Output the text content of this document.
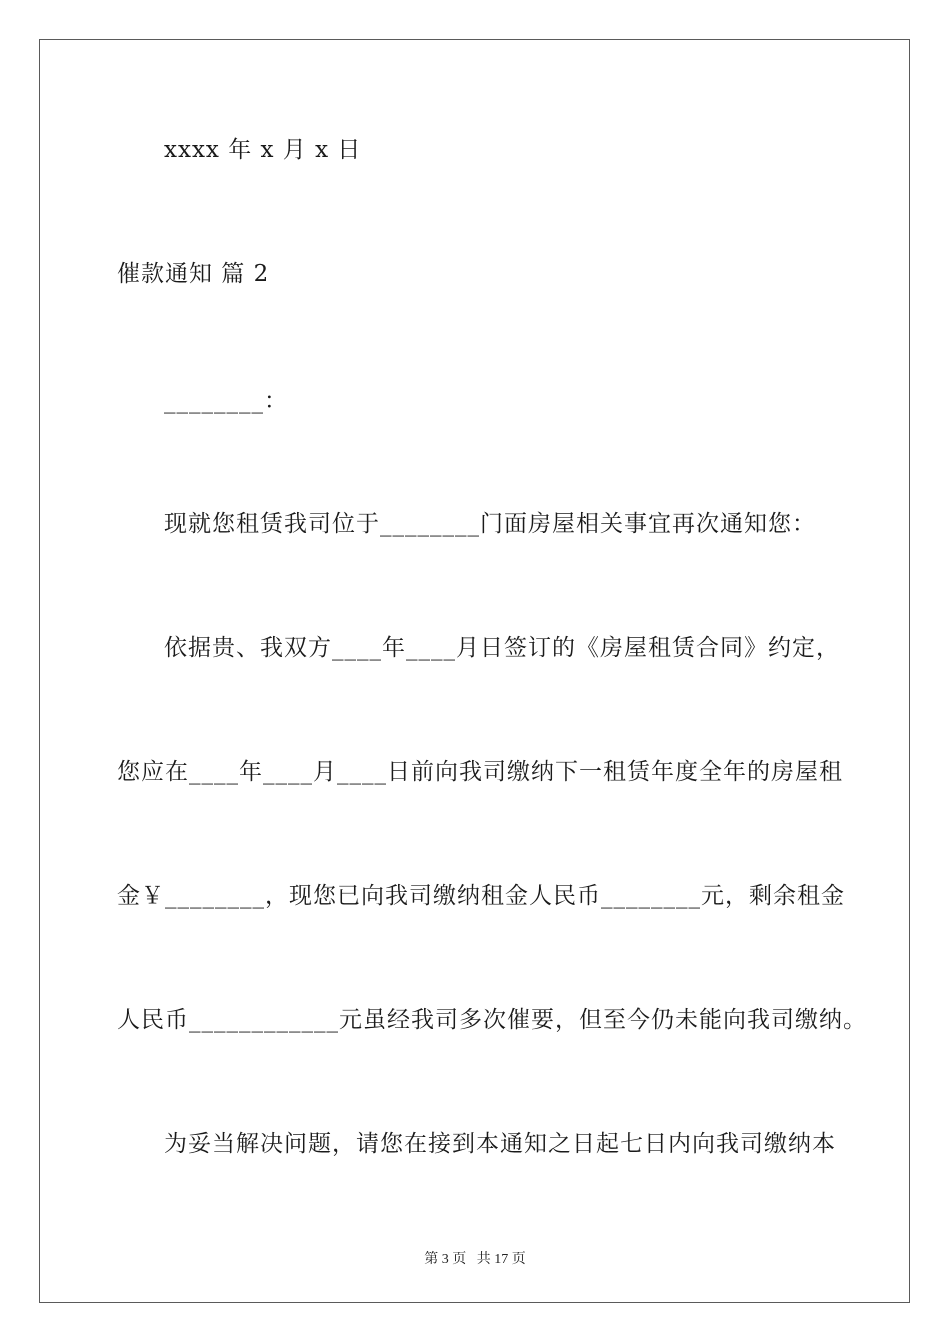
xxxx 年 x 月 x 日
催款通知 篇 2
________：
现就您租赁我司位于________门面房屋相关事宜再次通知您：
依据贵、我双方____年____月日签订的《房屋租赁合同》约定，
您应在____年____月____日前向我司缴纳下一租赁年度全年的房屋租
金￥________，现您已向我司缴纳租金人民币________元，剩余租金
人民币____________元虽经我司多次催要，但至今仍未能向我司缴纳。
为妥当解决问题，请您在接到本通知之日起七日内向我司缴纳本
第 3 页   共 17 页
